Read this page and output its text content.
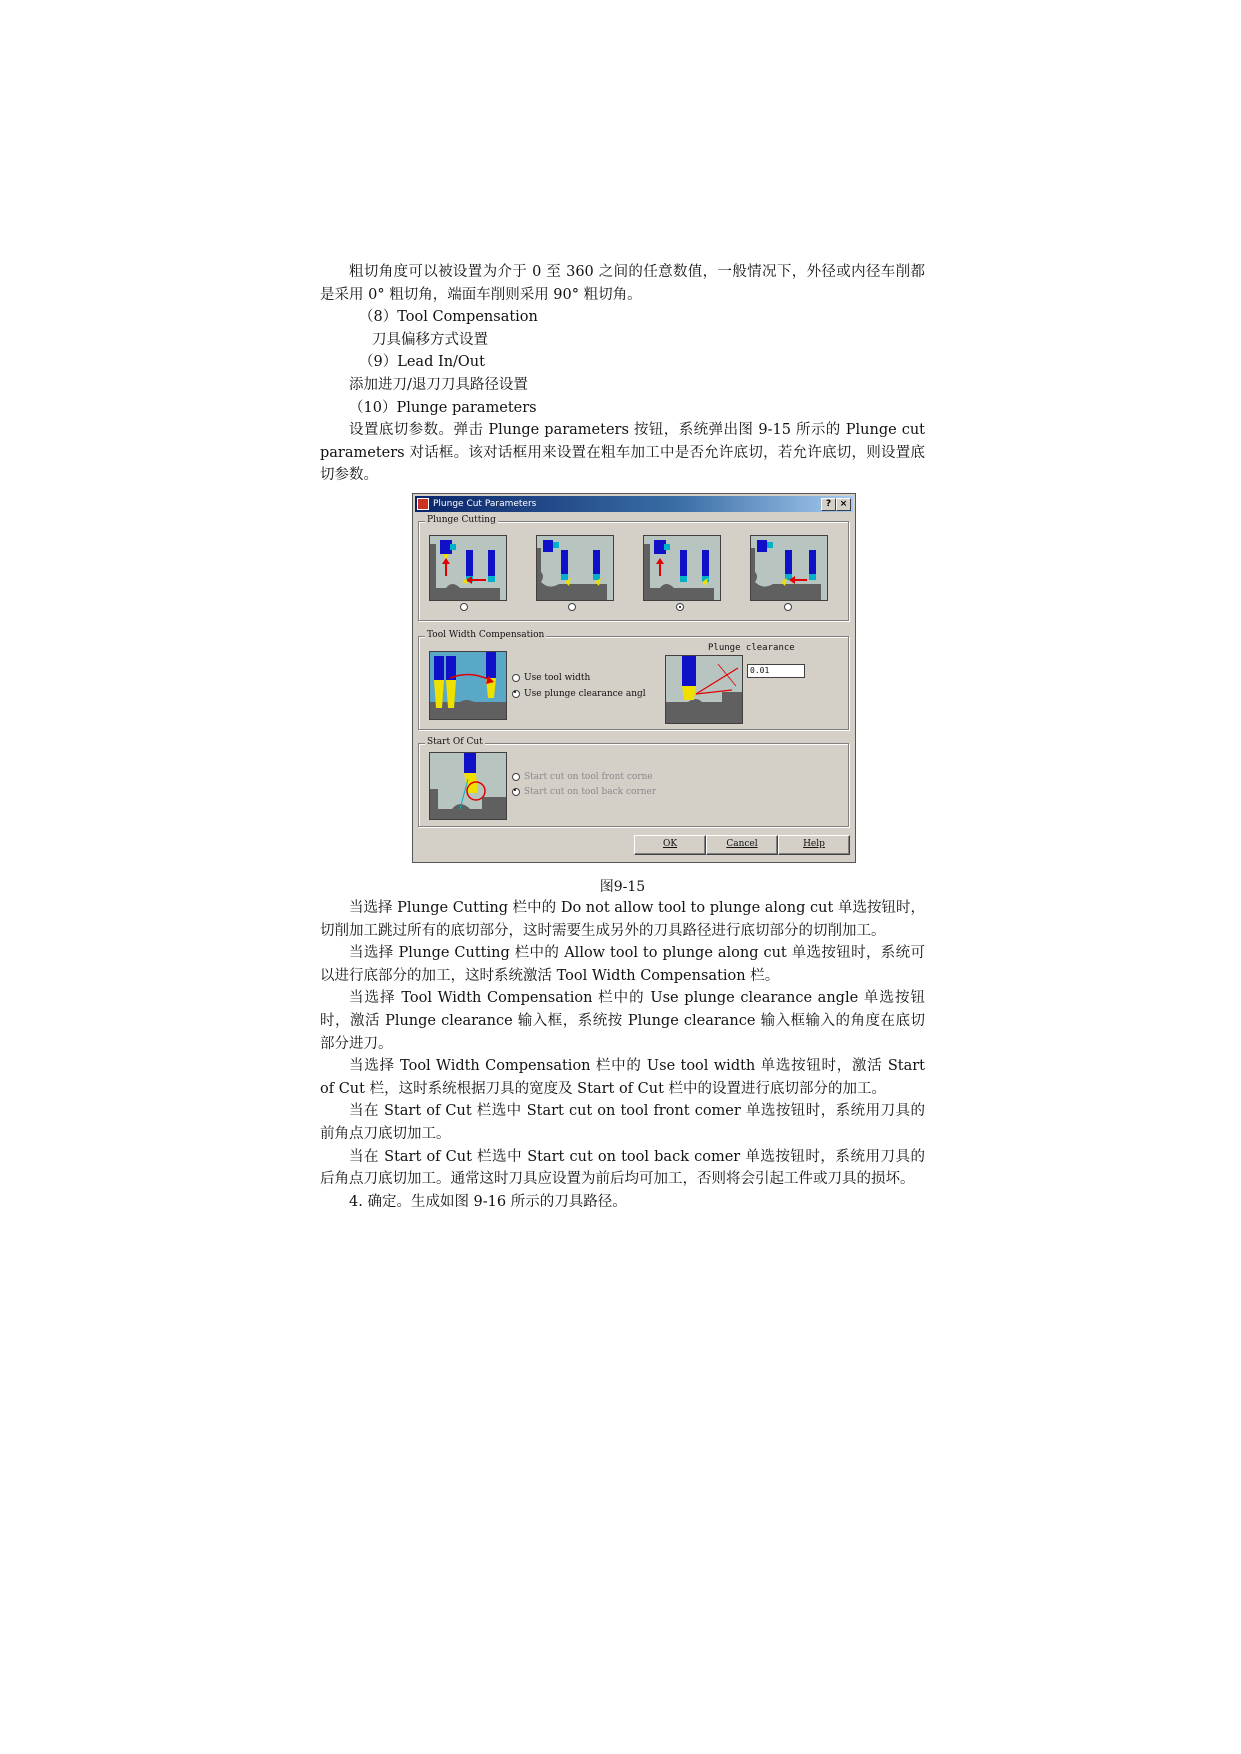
粗切角度可以被设置为介于 0 至 360 之间的任意数值，一般情况下，外径或内径车削都是采用 0° 粗切角，端面车削则采用 90° 粗切角。

（8）Tool Compensation

刀具偏移方式设置

（9）Lead In/Out

添加进刀/退刀刀具路径设置

（10）Plunge parameters

设置底切参数。弹击 Plunge parameters 按钮，系统弹出图 9-15 所示的 Plunge cut parameters 对话框。该对话框用来设置在粗车加工中是否允许底切，若允许底切，则设置底切参数。

Plunge Cut Parameters	? ×
Plunge Cutting
Tool Width Compensation
Use tool width
Use plunge clearance angl
Plunge clearance
0.01
Start Of Cut
Start cut on tool front corne
Start cut on tool back corner
OK	Cancel	Help
图9-15

当选择 Plunge Cutting 栏中的 Do not allow tool to plunge along cut 单选按钮时，切削加工跳过所有的底切部分，这时需要生成另外的刀具路径进行底切部分的切削加工。

当选择 Plunge Cutting 栏中的 Allow tool to plunge along cut 单选按钮时，系统可以进行底部分的加工，这时系统激活 Tool Width Compensation 栏。

当选择 Tool Width Compensation 栏中的 Use plunge clearance angle 单选按钮时，激活 Plunge clearance 输入框，系统按 Plunge clearance 输入框输入的角度在底切部分进刀。

当选择 Tool Width Compensation 栏中的 Use tool width 单选按钮时，激活 Start of Cut 栏，这时系统根据刀具的宽度及 Start of Cut 栏中的设置进行底切部分的加工。

当在 Start of Cut 栏选中 Start cut on tool front comer 单选按钮时，系统用刀具的前角点刀底切加工。

当在 Start of Cut 栏选中 Start cut on tool back comer 单选按钮时，系统用刀具的后角点刀底切加工。通常这时刀具应设置为前后均可加工，否则将会引起工件或刀具的损坏。

4. 确定。生成如图 9-16 所示的刀具路径。
